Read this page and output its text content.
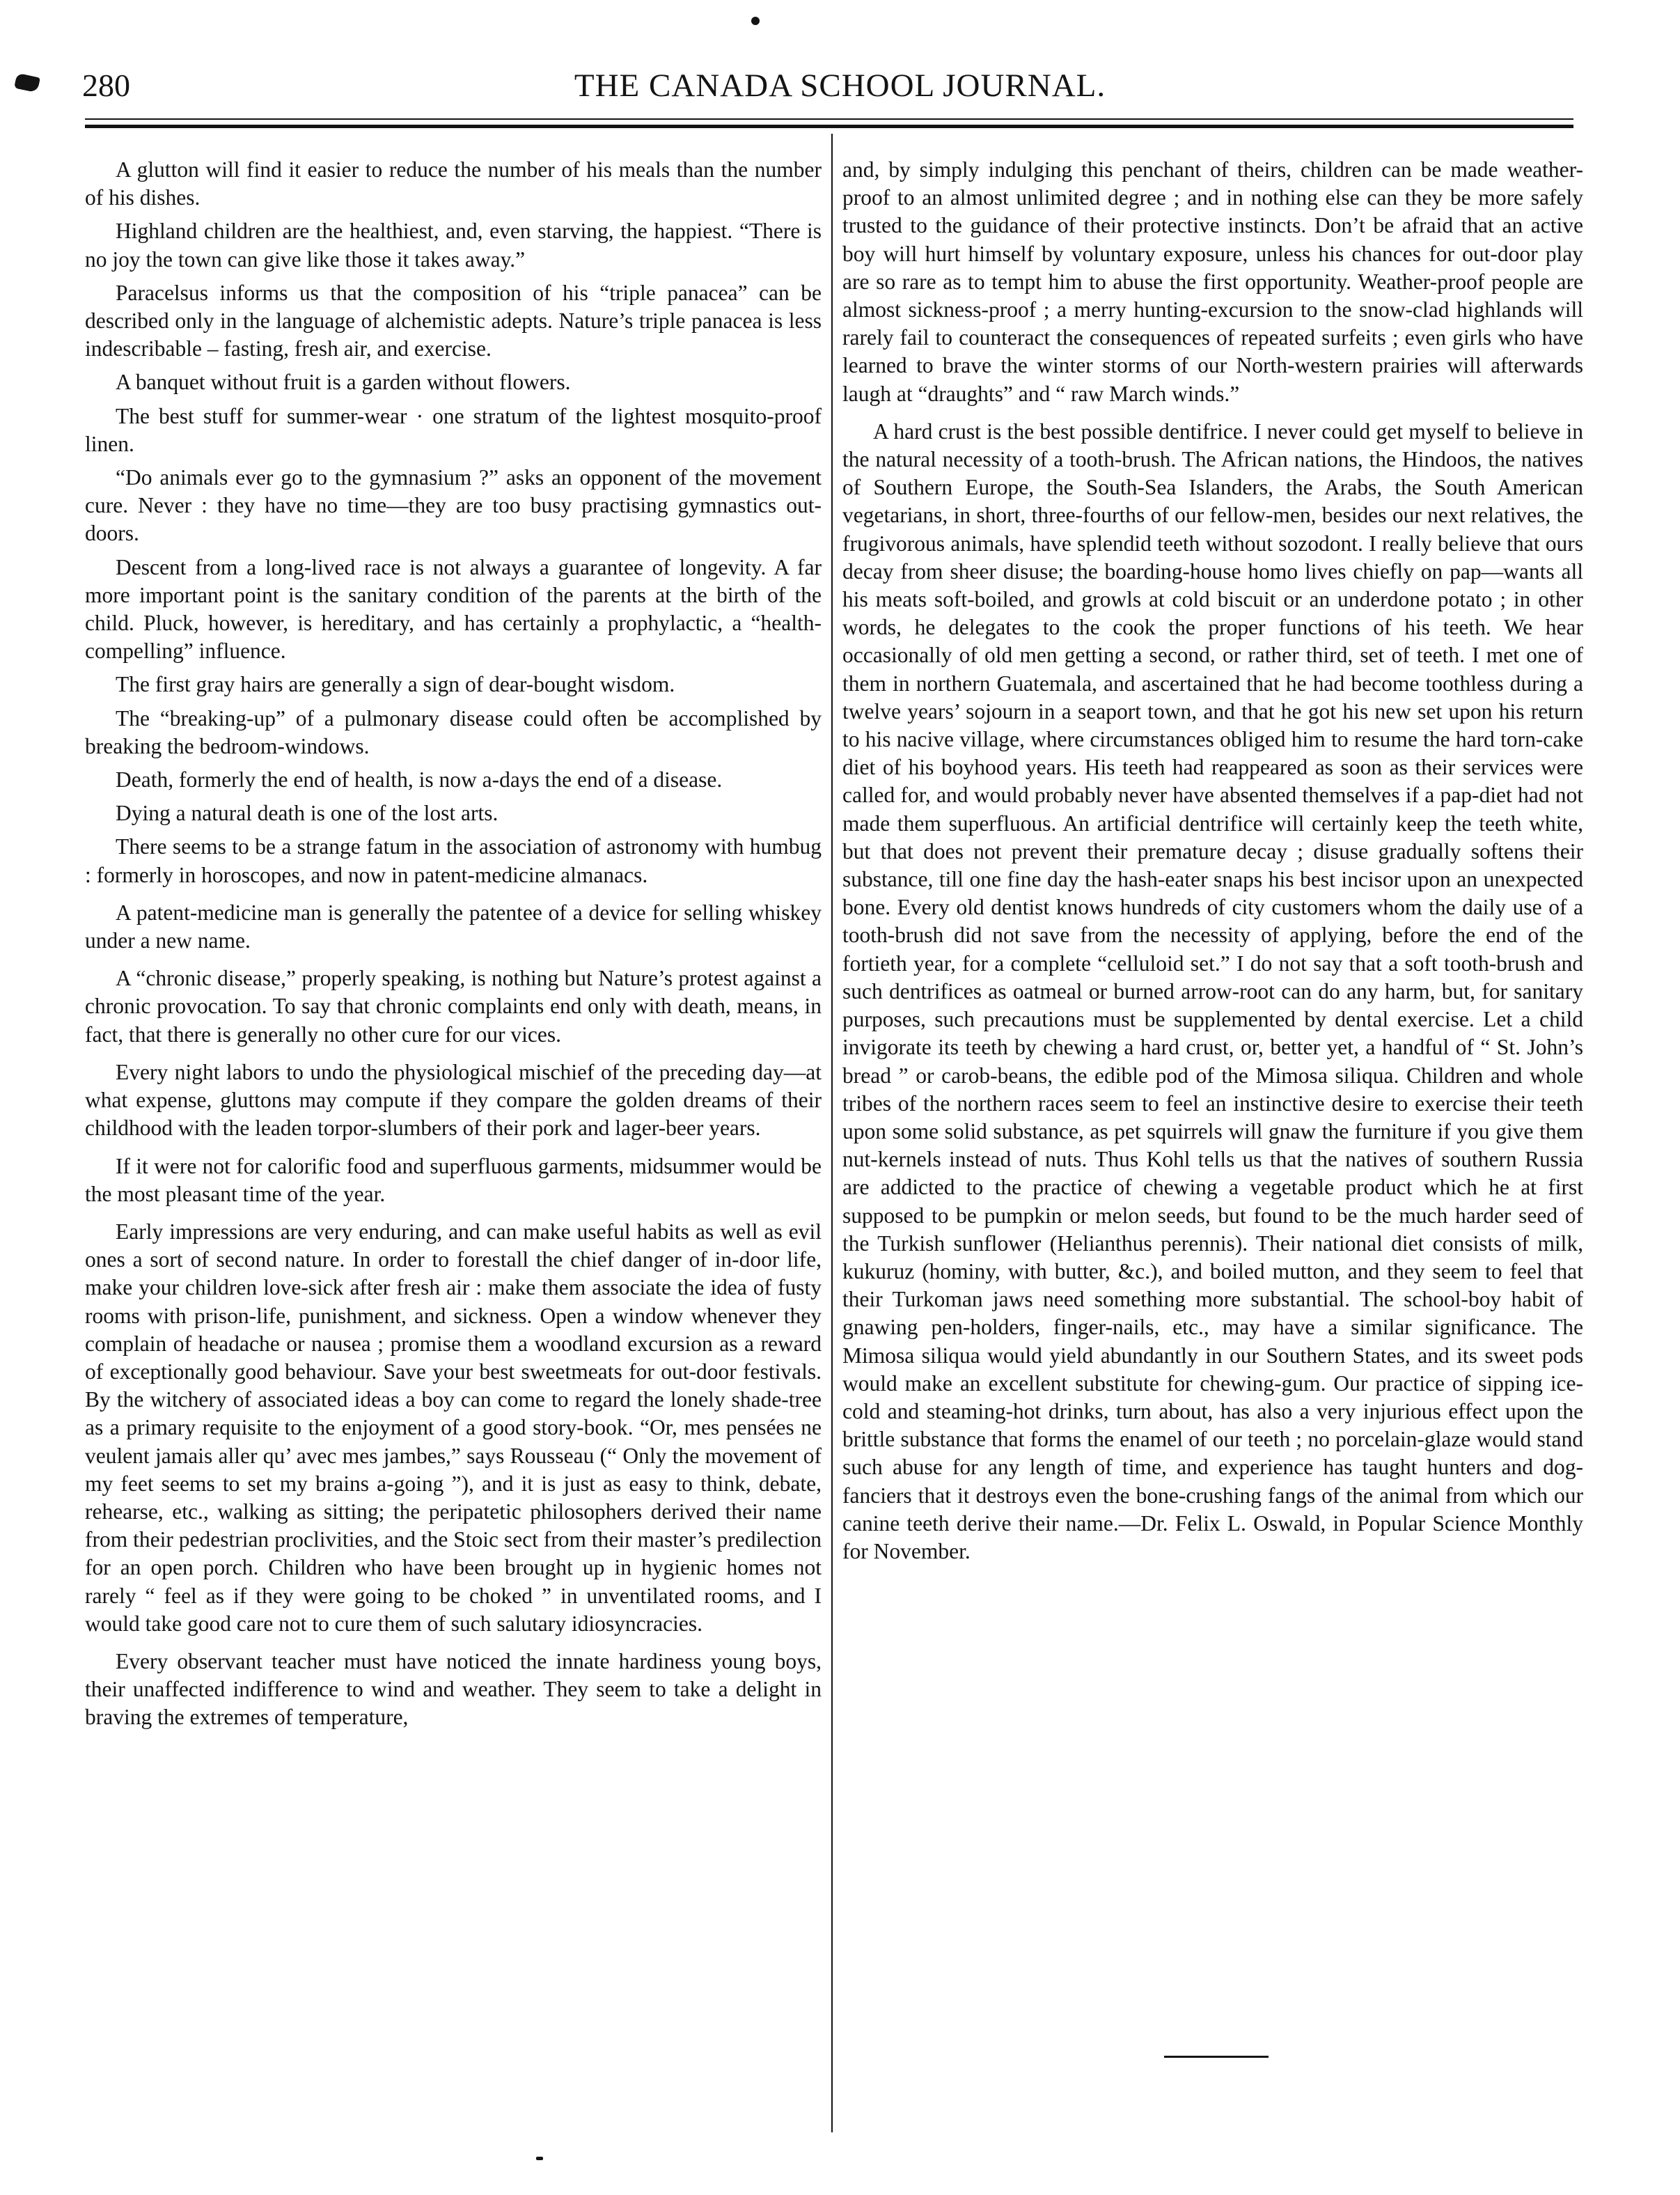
280	THE CANADA SCHOOL JOURNAL.

A glutton will find it easier to reduce the number of his meals than the number of his dishes.

Highland children are the healthiest, and, even starving, the happiest. “There is no joy the town can give like those it takes away.”

Paracelsus informs us that the composition of his “triple panacea” can be described only in the language of alchemistic adepts. Nature’s triple panacea is less indescribable – fasting, fresh air, and exercise.

A banquet without fruit is a garden without flowers.

The best stuff for summer-wear · one stratum of the lightest mosquito-proof linen.

“Do animals ever go to the gymnasium ?” asks an opponent of the movement cure. Never : they have no time—they are too busy practising gymnastics out-doors.

Descent from a long-lived race is not always a guarantee of longevity. A far more important point is the sanitary condition of the parents at the birth of the child. Pluck, however, is hereditary, and has certainly a prophylactic, a “health-compelling” influence.

The first gray hairs are generally a sign of dear-bought wisdom.

The “breaking-up” of a pulmonary disease could often be accomplished by breaking the bedroom-windows.

Death, formerly the end of health, is now a-days the end of a disease.

Dying a natural death is one of the lost arts.

There seems to be a strange fatum in the association of astronomy with humbug : formerly in horoscopes, and now in patent-medicine almanacs.

A patent-medicine man is generally the patentee of a device for selling whiskey under a new name.

A “chronic disease,” properly speaking, is nothing but Nature’s protest against a chronic provocation. To say that chronic complaints end only with death, means, in fact, that there is generally no other cure for our vices.

Every night labors to undo the physiological mischief of the preceding day—at what expense, gluttons may compute if they compare the golden dreams of their childhood with the leaden torpor-slumbers of their pork and lager-beer years.

If it were not for calorific food and superfluous garments, midsummer would be the most pleasant time of the year.

Early impressions are very enduring, and can make useful habits as well as evil ones a sort of second nature. In order to forestall the chief danger of in-door life, make your children love-sick after fresh air : make them associate the idea of fusty rooms with prison-life, punishment, and sickness. Open a window whenever they complain of headache or nausea ; promise them a woodland excursion as a reward of exceptionally good behaviour. Save your best sweetmeats for out-door festivals. By the witchery of associated ideas a boy can come to regard the lonely shade-tree as a primary requisite to the enjoyment of a good story-book. “Or, mes pensées ne veulent jamais aller qu’ avec mes jambes,” says Rousseau (“ Only the movement of my feet seems to set my brains a-going ”), and it is just as easy to think, debate, rehearse, etc., walking as sitting; the peripatetic philosophers derived their name from their pedestrian proclivities, and the Stoic sect from their master’s predilection for an open porch. Children who have been brought up in hygienic homes not rarely “ feel as if they were going to be choked ” in unventilated rooms, and I would take good care not to cure them of such salutary idiosyncracies.

Every observant teacher must have noticed the innate hardiness young boys, their unaffected indifference to wind and weather. They seem to take a delight in braving the extremes of temperature,

and, by simply indulging this penchant of theirs, children can be made weather-proof to an almost unlimited degree ; and in nothing else can they be more safely trusted to the guidance of their protective instincts. Don’t be afraid that an active boy will hurt himself by voluntary exposure, unless his chances for out-door play are so rare as to tempt him to abuse the first opportunity. Weather-proof people are almost sickness-proof ; a merry hunting-excursion to the snow-clad highlands will rarely fail to counteract the consequences of repeated surfeits ; even girls who have learned to brave the winter storms of our North-western prairies will afterwards laugh at “draughts” and “ raw March winds.”

A hard crust is the best possible dentifrice. I never could get myself to believe in the natural necessity of a tooth-brush. The African nations, the Hindoos, the natives of Southern Europe, the South-Sea Islanders, the Arabs, the South American vegetarians, in short, three-fourths of our fellow-men, besides our next relatives, the frugivorous animals, have splendid teeth without sozodont. I really believe that ours decay from sheer disuse; the boarding-house homo lives chiefly on pap—wants all his meats soft-boiled, and growls at cold biscuit or an underdone potato ; in other words, he delegates to the cook the proper functions of his teeth. We hear occasionally of old men getting a second, or rather third, set of teeth. I met one of them in northern Guatemala, and ascertained that he had become toothless during a twelve years’ sojourn in a seaport town, and that he got his new set upon his return to his nacive village, where circumstances obliged him to resume the hard torn-cake diet of his boyhood years. His teeth had reappeared as soon as their services were called for, and would probably never have absented themselves if a pap-diet had not made them superfluous. An artificial dentrifice will certainly keep the teeth white, but that does not prevent their premature decay ; disuse gradually softens their substance, till one fine day the hash-eater snaps his best incisor upon an unexpected bone. Every old dentist knows hundreds of city customers whom the daily use of a tooth-brush did not save from the necessity of applying, before the end of the fortieth year, for a complete “celluloid set.” I do not say that a soft tooth-brush and such dentrifices as oatmeal or burned arrow-root can do any harm, but, for sanitary purposes, such precautions must be supplemented by dental exercise. Let a child invigorate its teeth by chewing a hard crust, or, better yet, a handful of “ St. John’s bread ” or carob-beans, the edible pod of the Mimosa siliqua. Children and whole tribes of the northern races seem to feel an instinctive desire to exercise their teeth upon some solid substance, as pet squirrels will gnaw the furniture if you give them nut-kernels instead of nuts. Thus Kohl tells us that the natives of southern Russia are addicted to the practice of chewing a vegetable product which he at first supposed to be pumpkin or melon seeds, but found to be the much harder seed of the Turkish sunflower (Helianthus perennis). Their national diet consists of milk, kukuruz (hominy, with butter, &c.), and boiled mutton, and they seem to feel that their Turkoman jaws need something more substantial. The school-boy habit of gnawing pen-holders, finger-nails, etc., may have a similar significance. The Mimosa siliqua would yield abundantly in our Southern States, and its sweet pods would make an excellent substitute for chewing-gum. Our practice of sipping ice-cold and steaming-hot drinks, turn about, has also a very injurious effect upon the brittle substance that forms the enamel of our teeth ; no porcelain-glaze would stand such abuse for any length of time, and experience has taught hunters and dog-fanciers that it destroys even the bone-crushing fangs of the animal from which our canine teeth derive their name.—Dr. Felix L. Oswald, in Popular Science Monthly for November.
